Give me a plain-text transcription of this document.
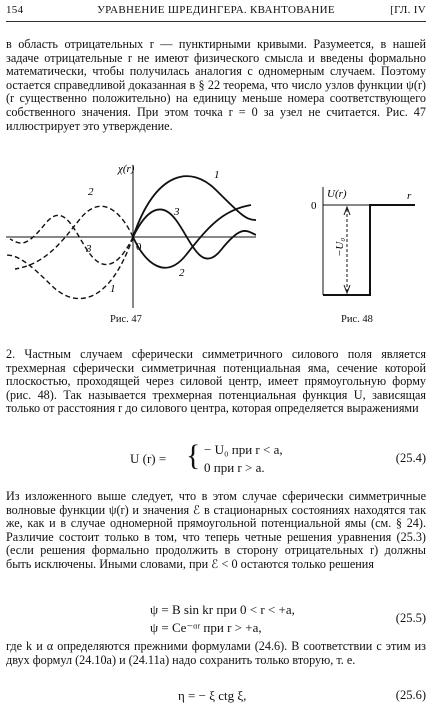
154	УРАВНЕНИЕ ШРЕДИНГЕРА. КВАНТОВАНИЕ	[ГЛ. IV
в область отрицательных r — пунктирными кривыми. Разумеется, в нашей задаче отрицательные r не имеют физического смысла и введены формально математически, чтобы получилась аналогия с одномерным случаем. Поэтому остается справедливой доказанная в § 22 теорема, что число узлов функции ψ(r) (r существенно положительно) на единицу меньше номера соответствующего собственного значения. При этом точка r = 0 за узел не считается. Рис. 47 иллюстрирует это утверждение.
χ(r)
0
1
2
3
1
3
2
Рис. 47
U(r)
0
r
−U₀
Рис. 48
2. Частным случаем сферически симметричного силового поля является трехмерная сферически симметричная потенциальная яма, сечение которой плоскостью, проходящей через силовой центр, имеет прямоугольную форму (рис. 48). Так называется трехмерная потенциальная функция U, зависящая только от расстояния r до силового центра, которая определяется выражениями
U (r) = { − U₀ при r < a,
0 при r > a.
(25.4)
Из изложенного выше следует, что в этом случае сферически симметричные волновые функции ψ(r) и значения ℰ в стационарных состояниях находятся так же, как и в случае одномерной прямоугольной потенциальной ямы (см. § 24). Различие состоит только в том, что теперь четные решения уравнения (25.3) (если решения формально продолжить в сторону отрицательных r) должны быть исключены. Иными словами, при ℰ < 0 остаются только решения
ψ = B sin kr при 0 < r < +a,
ψ = Ce⁻ᵅʳ при r > +a,
(25.5)
где k и α определяются прежними формулами (24.6). В соответствии с этим из двух формул (24.10a) и (24.11a) надо сохранить только вторую, т. е.
η = − ξ ctg ξ,	(25.6)
